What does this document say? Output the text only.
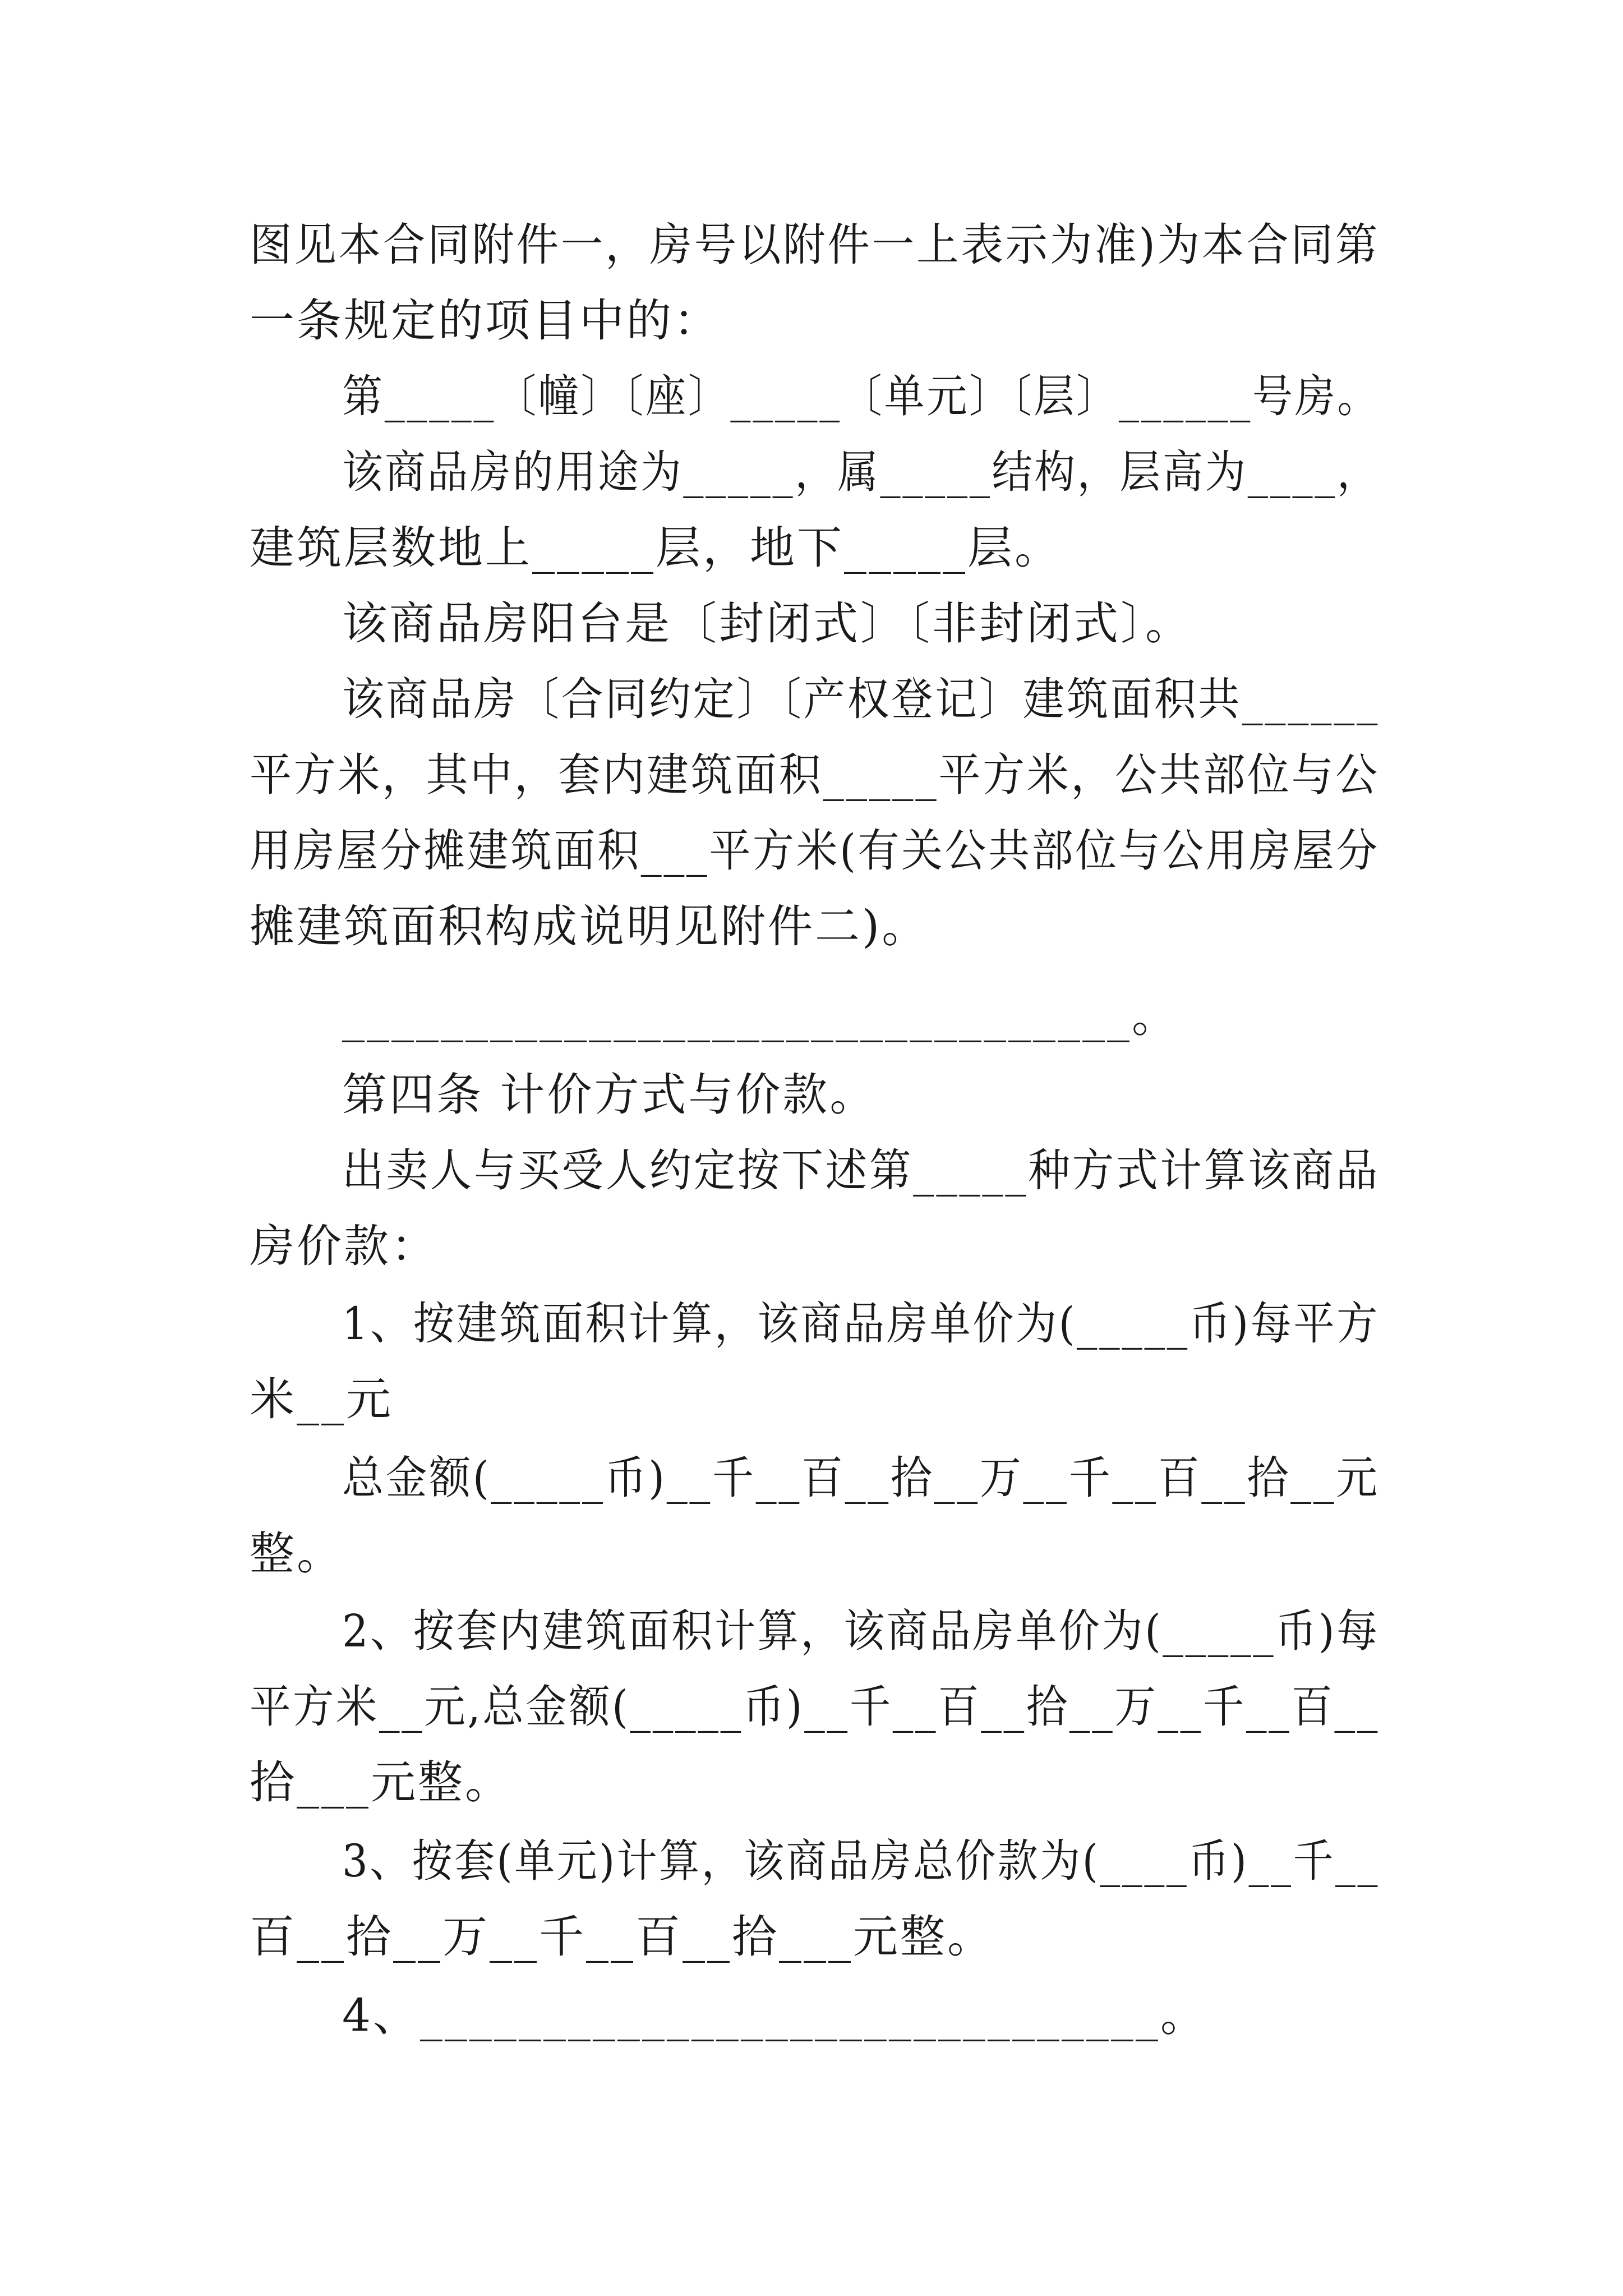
图见本合同附件一，房号以附件一上表示为准)为本合同第
一条规定的项目中的：
第_____〔幢〕〔座〕_____〔单元〕〔层〕______号房。
该商品房的用途为_____，属_____结构，层高为____，
建筑层数地上_____层，地下_____层。
该商品房阳台是〔封闭式〕〔非封闭式〕。
该商品房〔合同约定〕〔产权登记〕建筑面积共______
平方米，其中，套内建筑面积_____平方米，公共部位与公
用房屋分摊建筑面积___平方米(有关公共部位与公用房屋分
摊建筑面积构成说明见附件二)。
________________________________。
第四条 计价方式与价款。
出卖人与买受人约定按下述第_____种方式计算该商品
房价款：
1、按建筑面积计算，该商品房单价为(_____币)每平方
米__元
总金额(_____币)__千__百__拾__万__千__百__拾__元
整。
2、按套内建筑面积计算，该商品房单价为(_____币)每
平方米__元,总金额(_____币)__千__百__拾__万__千__百__
拾___元整。
3、按套(单元)计算，该商品房总价款为(____币)__千__
百__拾__万__千__百__拾___元整。
4、______________________________。
